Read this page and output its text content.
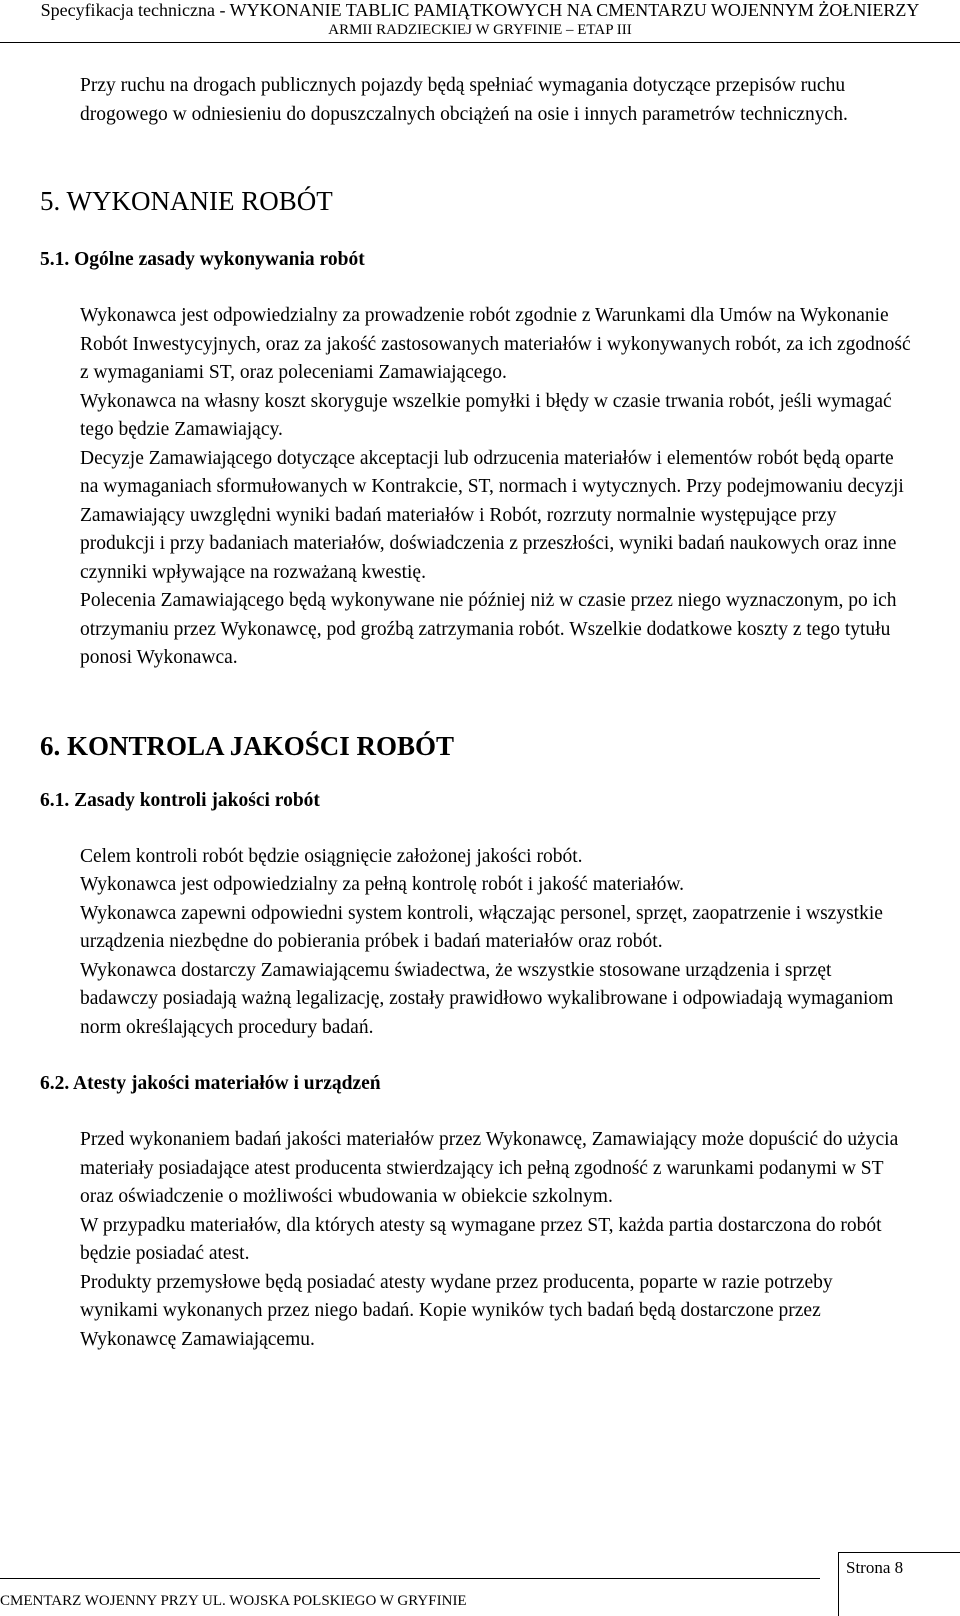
Specyfikacja techniczna - WYKONANIE TABLIC PAMIĄTKOWYCH NA CMENTARZU WOJENNYM ŻOŁNIERZY
ARMII RADZIECKIEJ W GRYFINIE – ETAP III

Przy ruchu na drogach publicznych pojazdy będą spełniać wymagania dotyczące przepisów ruchu drogowego w odniesieniu do dopuszczalnych obciążeń na osie i innych parametrów technicznych.

5. WYKONANIE ROBÓT
5.1. Ogólne zasady wykonywania robót

Wykonawca jest odpowiedzialny za prowadzenie robót zgodnie z Warunkami dla Umów na Wykonanie Robót Inwestycyjnych, oraz za jakość zastosowanych materiałów i wykonywanych robót, za ich zgodność z wymaganiami ST, oraz poleceniami Zamawiającego.

Wykonawca na własny koszt skoryguje wszelkie pomyłki i błędy w czasie trwania robót, jeśli wymagać tego będzie Zamawiający.

Decyzje Zamawiającego dotyczące akceptacji lub odrzucenia materiałów i elementów robót będą oparte na wymaganiach sformułowanych w Kontrakcie, ST, normach i wytycznych. Przy podejmowaniu decyzji Zamawiający uwzględni wyniki badań materiałów i Robót, rozrzuty normalnie występujące przy produkcji i przy badaniach materiałów, doświadczenia z przeszłości, wyniki badań naukowych oraz inne czynniki wpływające na rozważaną kwestię.

Polecenia Zamawiającego będą wykonywane nie później niż w czasie przez niego wyznaczonym, po ich otrzymaniu przez Wykonawcę, pod groźbą zatrzymania robót. Wszelkie dodatkowe koszty z tego tytułu ponosi Wykonawca.

6. KONTROLA JAKOŚCI ROBÓT
6.1. Zasady kontroli jakości robót

Celem kontroli robót będzie osiągnięcie założonej jakości robót.

Wykonawca jest odpowiedzialny za pełną kontrolę robót i jakość materiałów.

Wykonawca zapewni odpowiedni system kontroli, włączając personel, sprzęt, zaopatrzenie i wszystkie urządzenia niezbędne do pobierania próbek i badań materiałów oraz robót.

Wykonawca dostarczy Zamawiającemu świadectwa, że wszystkie stosowane urządzenia i sprzęt badawczy posiadają ważną legalizację, zostały prawidłowo wykalibrowane i odpowiadają wymaganiom norm określających procedury badań.

6.2. Atesty jakości materiałów i urządzeń

Przed wykonaniem badań jakości materiałów przez Wykonawcę, Zamawiający może dopuścić do użycia materiały posiadające atest producenta stwierdzający ich pełną zgodność z warunkami podanymi w ST oraz oświadczenie o możliwości wbudowania w obiekcie szkolnym.

W przypadku materiałów, dla których atesty są wymagane przez ST, każda partia dostarczona do robót będzie posiadać atest.

Produkty przemysłowe będą posiadać atesty wydane przez producenta, poparte w razie potrzeby wynikami wykonanych przez niego badań. Kopie wyników tych badań będą dostarczone przez Wykonawcę Zamawiającemu.

Strona 8
CMENTARZ WOJENNY PRZY UL. WOJSKA POLSKIEGO W GRYFINIE
